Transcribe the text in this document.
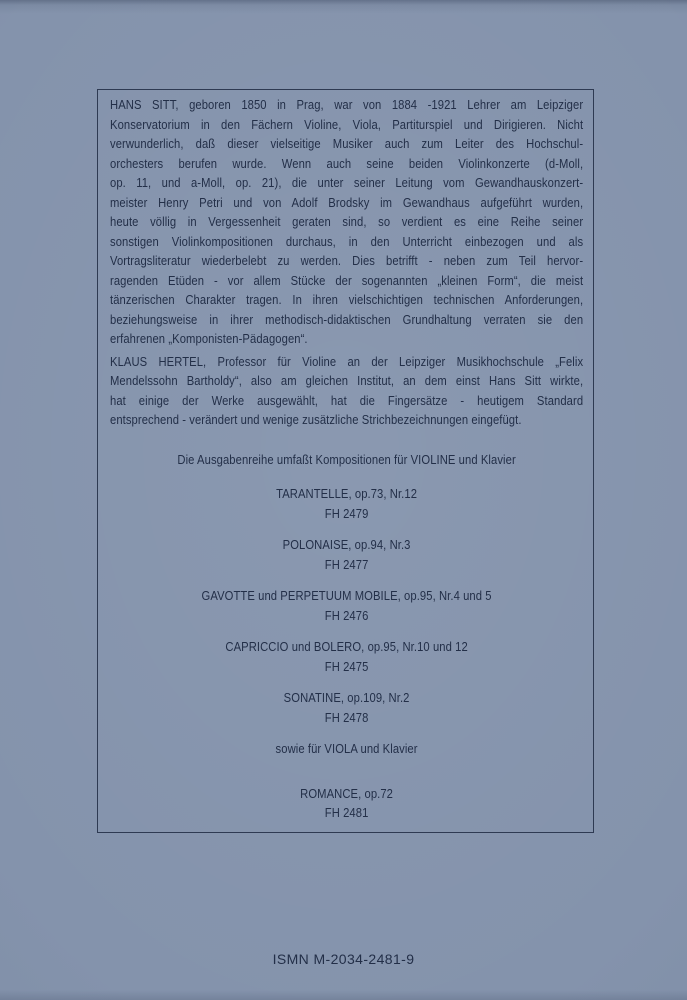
HANS SITT, geboren 1850 in Prag, war von 1884 -1921 Lehrer am Leipziger
Konservatorium in den Fächern Violine, Viola, Partiturspiel und Dirigieren. Nicht
verwunderlich, daß dieser vielseitige Musiker auch zum Leiter des Hochschul-
orchesters berufen wurde. Wenn auch seine beiden Violinkonzerte (d-Moll,
op. 11, und a-Moll, op. 21), die unter seiner Leitung vom Gewandhauskonzert-
meister Henry Petri und von Adolf Brodsky im Gewandhaus aufgeführt wurden,
heute völlig in Vergessenheit geraten sind, so verdient es eine Reihe seiner
sonstigen Violinkompositionen durchaus, in den Unterricht einbezogen und als
Vortragsliteratur wiederbelebt zu werden. Dies betrifft - neben zum Teil hervor-
ragenden Etüden - vor allem Stücke der sogenannten „kleinen Form“, die meist
tänzerischen Charakter tragen. In ihren vielschichtigen technischen Anforderungen,
beziehungsweise in ihrer methodisch-didaktischen Grundhaltung verraten sie den
erfahrenen „Komponisten-Pädagogen“.
KLAUS HERTEL, Professor für Violine an der Leipziger Musikhochschule „Felix
Mendelssohn Bartholdy“, also am gleichen Institut, an dem einst Hans Sitt wirkte,
hat einige der Werke ausgewählt, hat die Fingersätze - heutigem Standard
entsprechend - verändert und wenige zusätzliche Strichbezeichnungen eingefügt.
Die Ausgabenreihe umfaßt Kompositionen für VIOLINE und Klavier
TARANTELLE, op.73, Nr.12
FH 2479
POLONAISE, op.94, Nr.3
FH 2477
GAVOTTE und PERPETUUM MOBILE, op.95, Nr.4 und 5
FH 2476
CAPRICCIO und BOLERO, op.95, Nr.10 und 12
FH 2475
SONATINE, op.109, Nr.2
FH 2478
sowie für VIOLA und Klavier
ROMANCE, op.72
FH 2481
ISMN M-2034-2481-9
